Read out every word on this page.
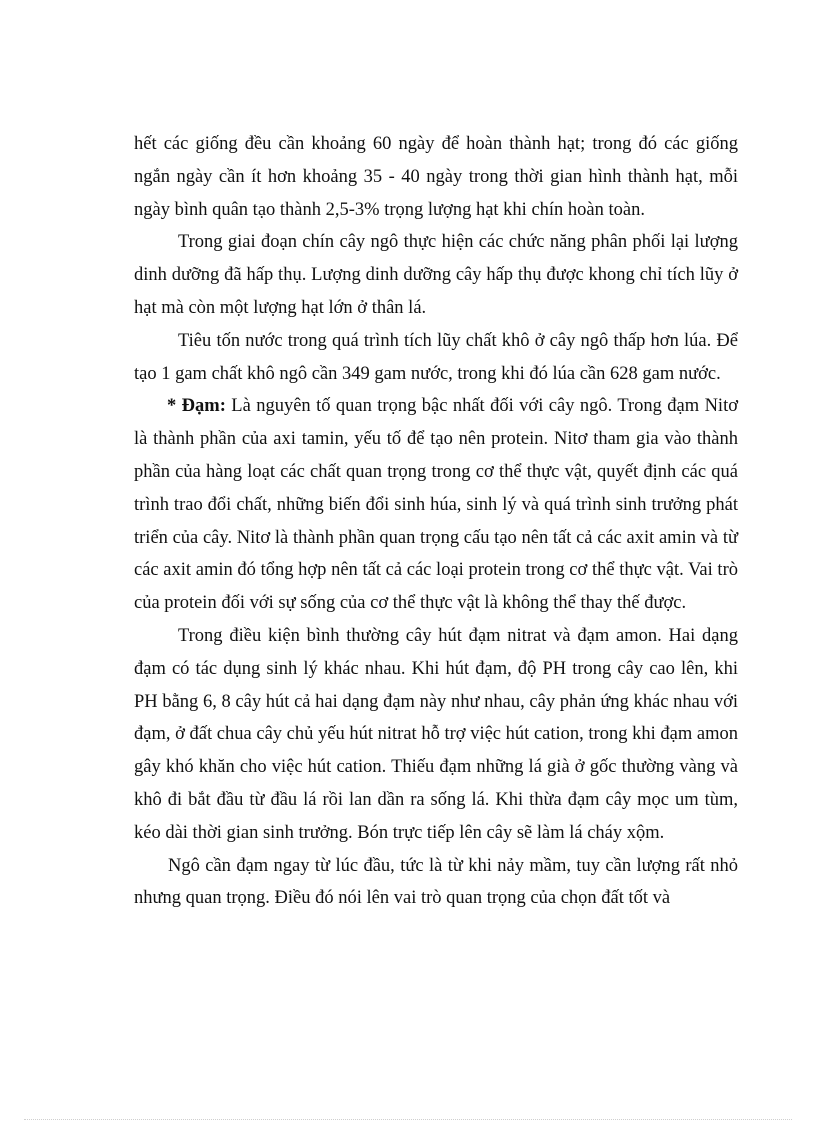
hết các giống đều cần khoảng 60 ngày để hoàn thành hạt; trong đó các giống ngắn ngày cần ít hơn khoảng 35 - 40 ngày trong thời gian hình thành hạt, mỗi ngày bình quân tạo thành 2,5-3% trọng lượng hạt khi chín hoàn toàn.

Trong giai đoạn chín cây ngô thực hiện các chức năng phân phối lại lượng dinh dưỡng đã hấp thụ. Lượng dinh dưỡng cây hấp thụ được khong chỉ tích lũy ở hạt mà còn một lượng hạt lớn ở thân lá.

Tiêu tốn nước trong quá trình tích lũy chất khô ở cây ngô thấp hơn lúa. Để tạo 1 gam chất khô ngô cần 349 gam nước, trong khi đó lúa cần 628 gam nước.

* Đạm: Là nguyên tố quan trọng bậc nhất đối với cây ngô. Trong đạm Nitơ là thành phần của axi tamin, yếu tố để tạo nên protein. Nitơ tham gia vào thành phần của hàng loạt các chất quan trọng trong cơ thể thực vật, quyết định các quá trình trao đổi chất, những biến đổi sinh húa, sinh lý và quá trình sinh trưởng phát triển của cây. Nitơ là thành phần quan trọng cấu tạo nên tất cả các axit amin và từ các axit amin đó tổng hợp nên tất cả các loại protein trong cơ thể thực vật. Vai trò của protein đối với sự sống của cơ thể thực vật là không thể thay thế được.

Trong điều kiện bình thường cây hút đạm nitrat và đạm amon. Hai dạng đạm có tác dụng sinh lý khác nhau. Khi hút đạm, độ PH trong cây cao lên, khi PH bằng 6, 8 cây hút cả hai dạng đạm này như nhau, cây phản ứng khác nhau với đạm, ở đất chua cây chủ yếu hút nitrat hỗ trợ việc hút cation, trong khi đạm amon gây khó khăn cho việc hút cation. Thiếu đạm những lá già ở gốc thường vàng và khô đi bắt đầu từ đầu lá rồi lan dần ra sống lá. Khi thừa đạm cây mọc um tùm, kéo dài thời gian sinh trưởng. Bón trực tiếp lên cây sẽ làm lá cháy xộm.

Ngô cần đạm ngay từ lúc đầu, tức là từ khi nảy mầm, tuy cần lượng rất nhỏ nhưng quan trọng. Điều đó nói lên vai trò quan trọng của chọn đất tốt và
